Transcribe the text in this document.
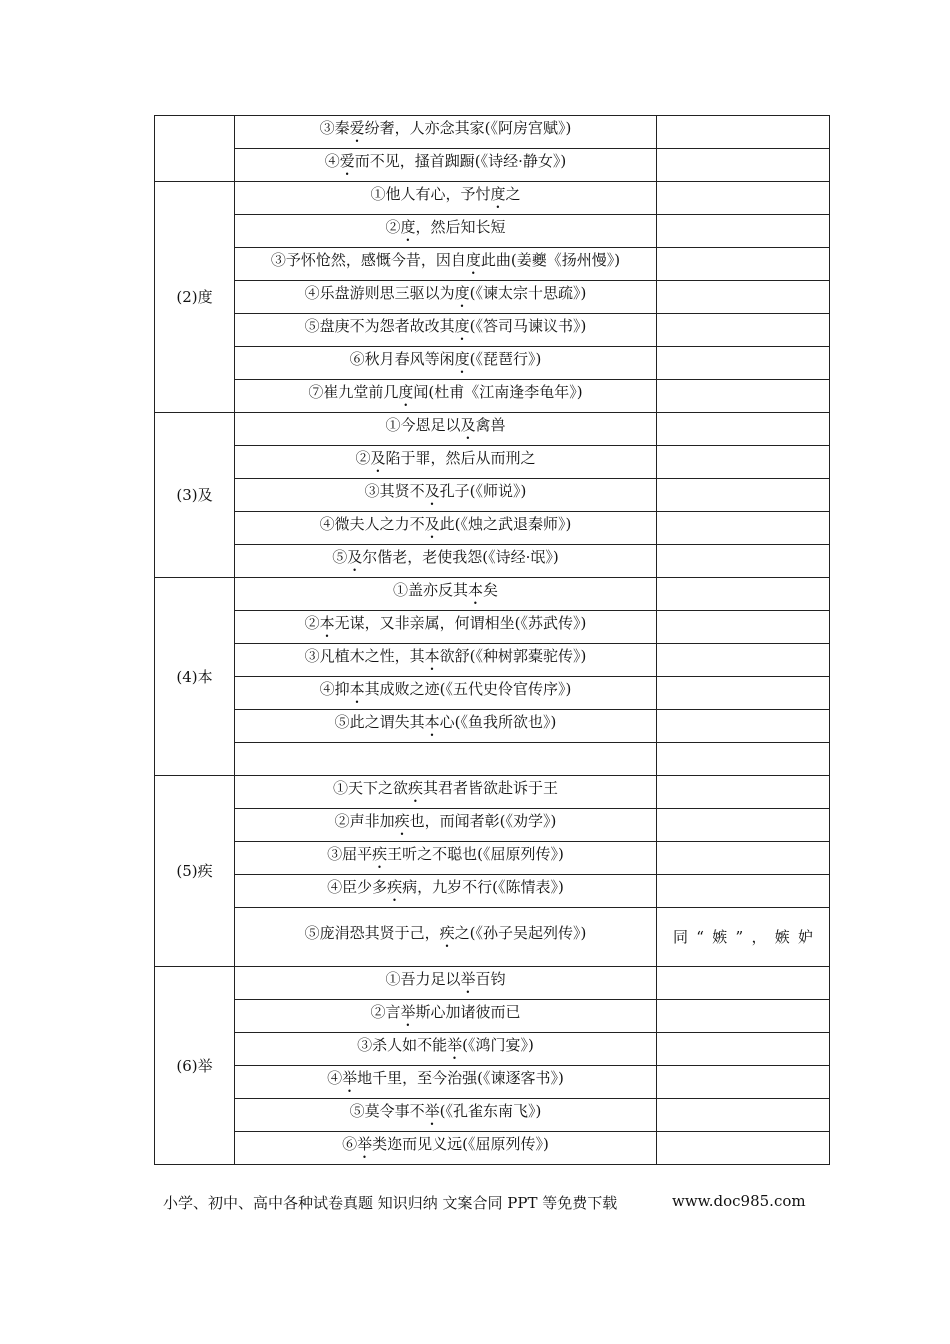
	③秦爱纷奢，人亦念其家(《阿房宫赋》)	
	④爱而不见，搔首踟蹰(《诗经·静女》)	
(2)度	①他人有心，予忖度之	
	②度，然后知长短	
	③予怀怆然，感慨今昔，因自度此曲(姜夔《扬州慢》)	
	④乐盘游则思三驱以为度(《谏太宗十思疏》)	
	⑤盘庚不为怨者故改其度(《答司马谏议书》)	
	⑥秋月春风等闲度(《琵琶行》)	
	⑦崔九堂前几度闻(杜甫《江南逢李龟年》)	
(3)及	①今恩足以及禽兽	
	②及陷于罪，然后从而刑之	
	③其贤不及孔子(《师说》)	
	④微夫人之力不及此(《烛之武退秦师》)	
	⑤及尔偕老，老使我怨(《诗经·氓》)	
(4)本	①盖亦反其本矣	
	②本无谋，又非亲属，何谓相坐(《苏武传》)	
	③凡植木之性，其本欲舒(《种树郭橐驼传》)	
	④抑本其成败之迹(《五代史伶官传序》)	
	⑤此之谓失其本心(《鱼我所欲也》)	

(5)疾	①天下之欲疾其君者皆欲赴诉于王	
	②声非加疾也，而闻者彰(《劝学》)	
	③屈平疾王听之不聪也(《屈原列传》)	
	④臣少多疾病，九岁不行(《陈情表》)	
	⑤庞涓恐其贤于己，疾之(《孙子吴起列传》)	同“嫉”，嫉妒
(6)举	①吾力足以举百钧	
	②言举斯心加诸彼而已	
	③杀人如不能举(《鸿门宴》)	
	④举地千里，至今治强(《谏逐客书》)	
	⑤莫令事不举(《孔雀东南飞》)	
	⑥举类迩而见义远(《屈原列传》)	
小学、初中、高中各种试卷真题 知识归纳 文案合同 PPT 等免费下载	www.doc985.com
